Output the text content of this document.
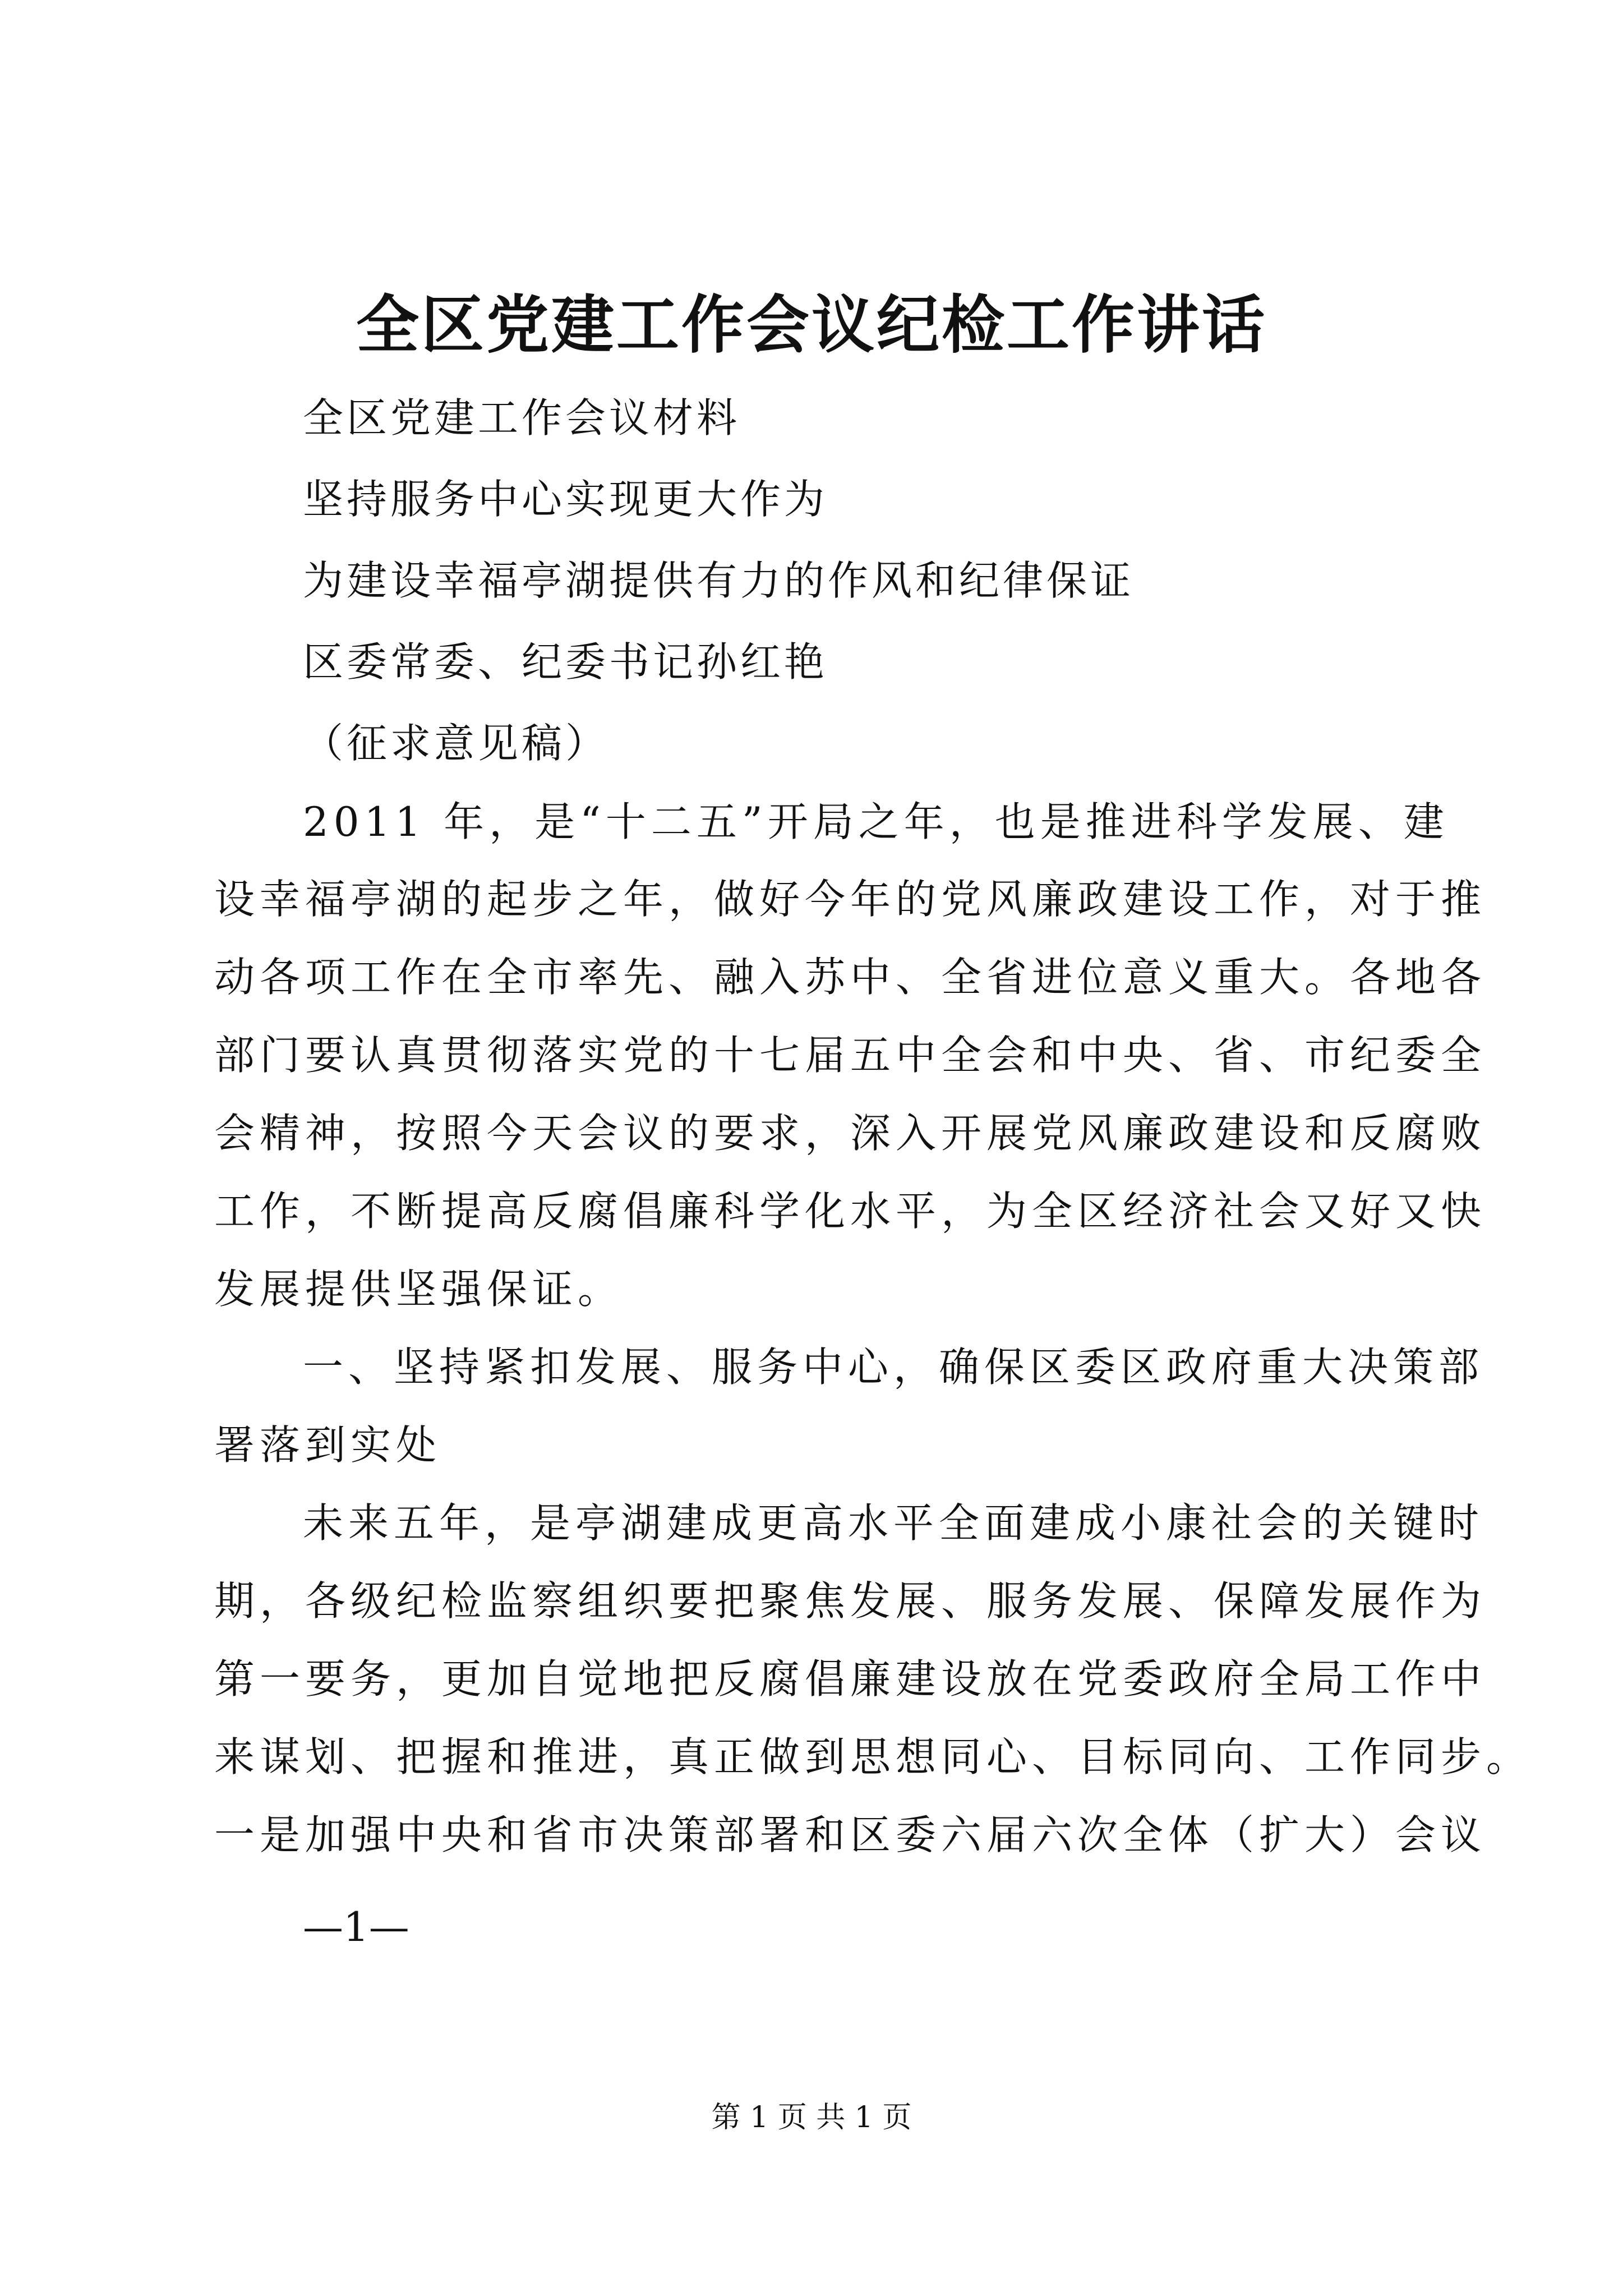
全区党建工作会议纪检工作讲话
全区党建工作会议材料
坚持服务中心实现更大作为
为建设幸福亭湖提供有力的作风和纪律保证
区委常委、纪委书记孙红艳
（征求意见稿）
2011 年，是“十二五”开局之年，也是推进科学发展、建
设幸福亭湖的起步之年，做好今年的党风廉政建设工作，对于推
动各项工作在全市率先、融入苏中、全省进位意义重大。各地各
部门要认真贯彻落实党的十七届五中全会和中央、省、市纪委全
会精神，按照今天会议的要求，深入开展党风廉政建设和反腐败
工作，不断提高反腐倡廉科学化水平，为全区经济社会又好又快
发展提供坚强保证。
一、坚持紧扣发展、服务中心，确保区委区政府重大决策部
署落到实处
未来五年，是亭湖建成更高水平全面建成小康社会的关键时
期，各级纪检监察组织要把聚焦发展、服务发展、保障发展作为
第一要务，更加自觉地把反腐倡廉建设放在党委政府全局工作中
来谋划、把握和推进，真正做到思想同心、目标同向、工作同步。
一是加强中央和省市决策部署和区委六届六次全体（扩大）会议
—1—
第 1 页 共 1 页
